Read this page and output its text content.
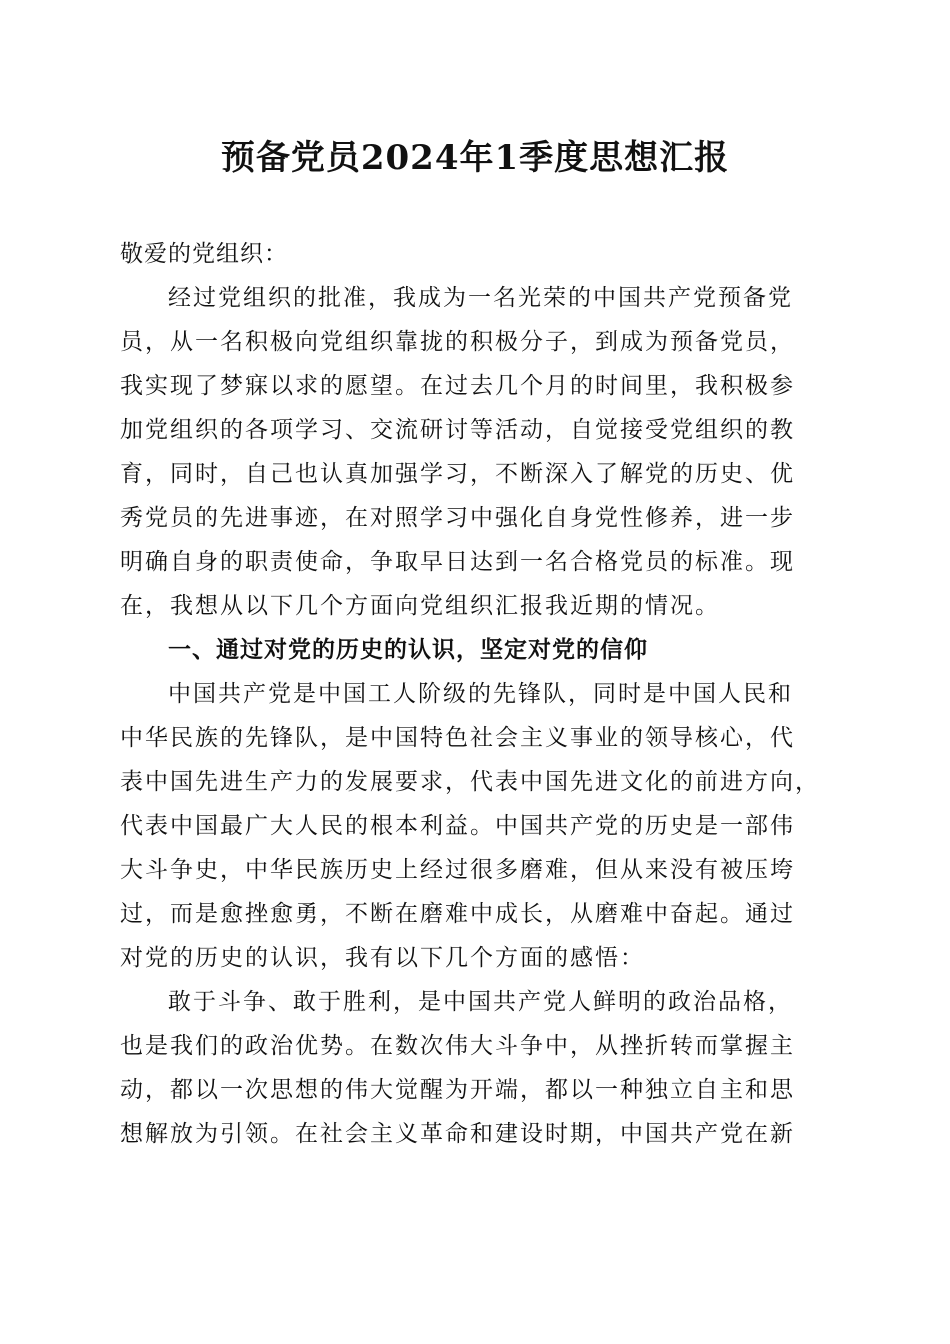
预备党员2024年1季度思想汇报
敬爱的党组织：
经过党组织的批准，我成为一名光荣的中国共产党预备党
员，从一名积极向党组织靠拢的积极分子，到成为预备党员，
我实现了梦寐以求的愿望。在过去几个月的时间里，我积极参
加党组织的各项学习、交流研讨等活动，自觉接受党组织的教
育，同时，自己也认真加强学习，不断深入了解党的历史、优
秀党员的先进事迹，在对照学习中强化自身党性修养，进一步
明确自身的职责使命，争取早日达到一名合格党员的标准。现
在，我想从以下几个方面向党组织汇报我近期的情况。
一、通过对党的历史的认识，坚定对党的信仰
中国共产党是中国工人阶级的先锋队，同时是中国人民和
中华民族的先锋队，是中国特色社会主义事业的领导核心，代
表中国先进生产力的发展要求，代表中国先进文化的前进方向，
代表中国最广大人民的根本利益。中国共产党的历史是一部伟
大斗争史，中华民族历史上经过很多磨难，但从来没有被压垮
过，而是愈挫愈勇，不断在磨难中成长，从磨难中奋起。通过
对党的历史的认识，我有以下几个方面的感悟：
敢于斗争、敢于胜利，是中国共产党人鲜明的政治品格，
也是我们的政治优势。在数次伟大斗争中，从挫折转而掌握主
动，都以一次思想的伟大觉醒为开端，都以一种独立自主和思
想解放为引领。在社会主义革命和建设时期，中国共产党在新
